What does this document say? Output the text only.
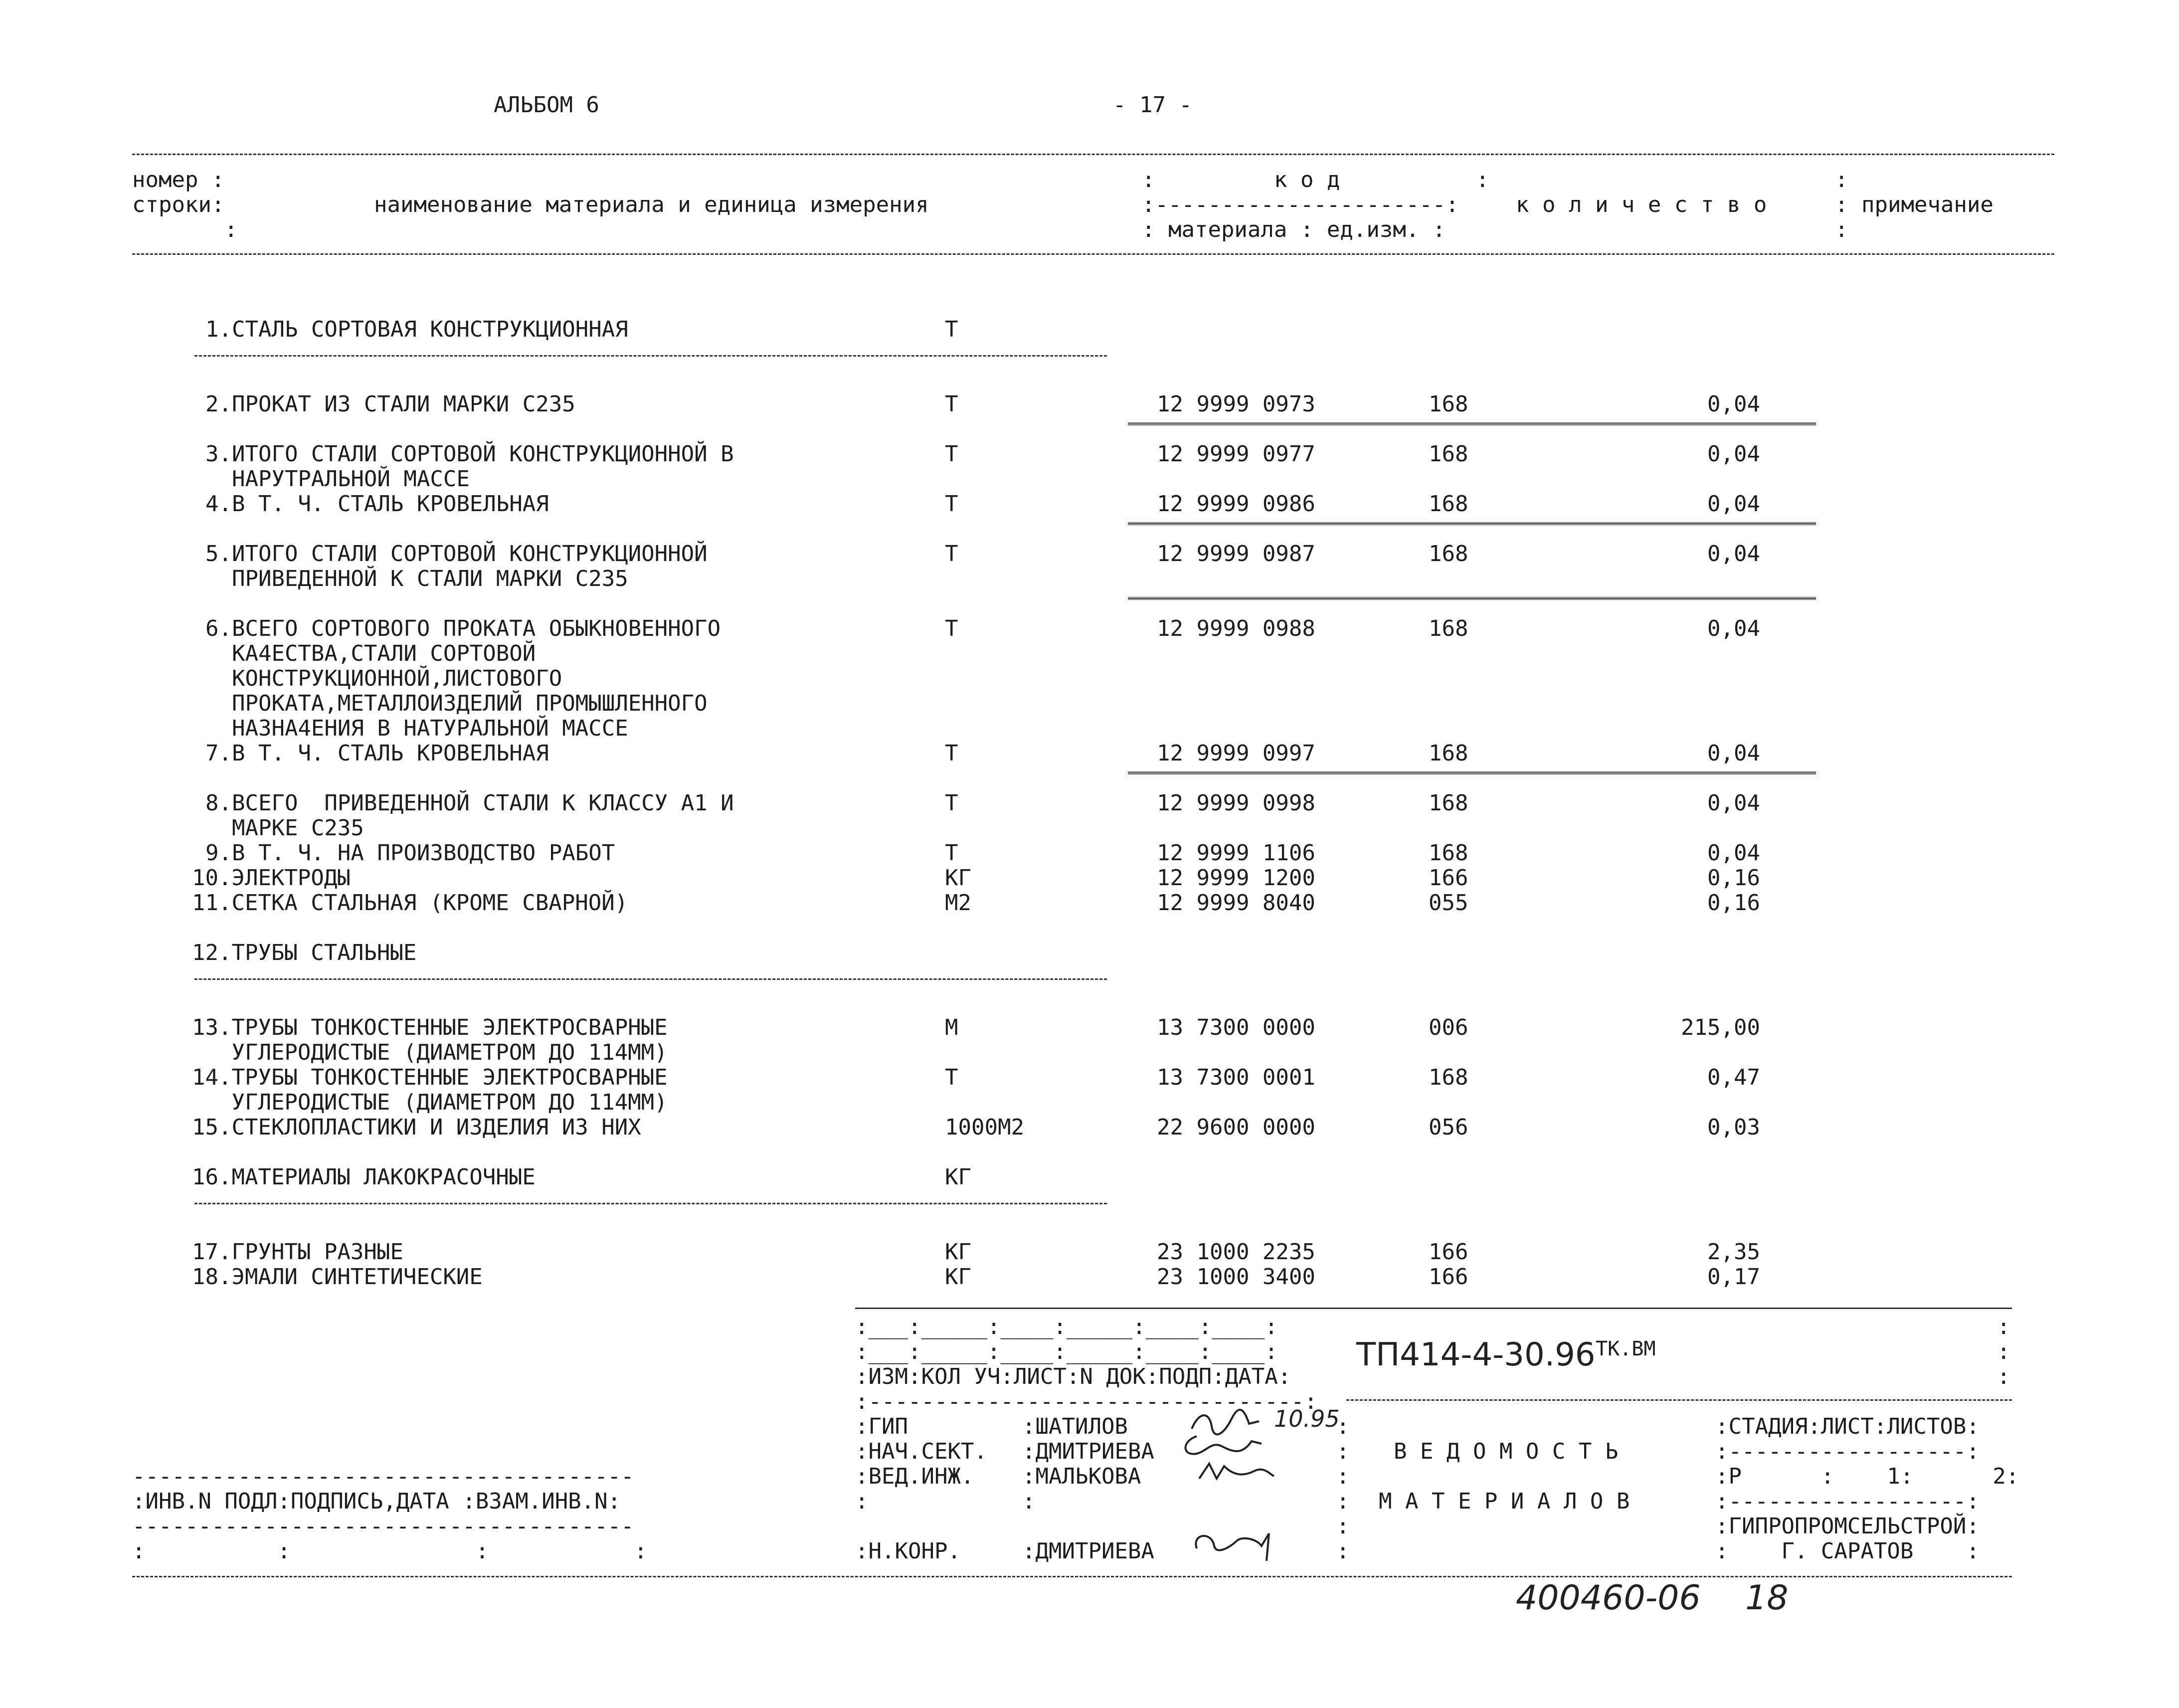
АЛЬБОМ 6	- 17 -
номер :
строки:
:
наименование материала и единица измерения
:	к о д	:
:----------------------:
: материала : ед.изм. :
к о л и ч е с т в о
:
: примечание
:
1.СТАЛЬ СОРТОВАЯ КОНСТРУКЦИОННАЯ	Т
2.ПРОКАТ ИЗ СТАЛИ МАРКИ С235	Т	12 9999 0973	168	0,04
3.ИТОГО СТАЛИ СОРТОВОЙ КОНСТРУКЦИОННОЙ В
НАРУТРАЛЬНОЙ МАССЕ
Т	12 9999 0977	168	0,04
4.В Т. Ч. СТАЛЬ КРОВЕЛЬНАЯ	Т	12 9999 0986	168	0,04
5.ИТОГО СТАЛИ СОРТОВОЙ КОНСТРУКЦИОННОЙ
ПРИВЕДЕННОЙ К СТАЛИ МАРКИ С235
Т	12 9999 0987	168	0,04
6.ВСЕГО СОРТОВОГО ПРОКАТА ОБЫКНОВЕННОГО
КА4ЕСТВА,СТАЛИ СОРТОВОЙ
КОНСТРУКЦИОННОЙ,ЛИСТОВОГО
ПРОКАТА,МЕТАЛЛОИЗДЕЛИЙ ПРОМЫШЛЕННОГО
НАЗНА4ЕНИЯ В НАТУРАЛЬНОЙ МАССЕ
Т	12 9999 0988	168	0,04
7.В Т. Ч. СТАЛЬ КРОВЕЛЬНАЯ	Т	12 9999 0997	168	0,04
8.ВСЕГО  ПРИВЕДЕННОЙ СТАЛИ К КЛАССУ А1 И
МАРКЕ С235
Т	12 9999 0998	168	0,04
9.В Т. Ч. НА ПРОИЗВОДСТВО РАБОТ	Т	12 9999 1106	168	0,04
10.ЭЛЕКТРОДЫ	КГ	12 9999 1200	166	0,16
11.СЕТКА СТАЛЬНАЯ (КРОМЕ СВАРНОЙ)	М2	12 9999 8040	055	0,16
12.ТРУБЫ СТАЛЬНЫЕ
13.ТРУБЫ ТОНКОСТЕННЫЕ ЭЛЕКТРОСВАРНЫЕ
УГЛЕРОДИСТЫЕ (ДИАМЕТРОМ ДО 114ММ)
М	13 7300 0000	006	215,00
14.ТРУБЫ ТОНКОСТЕННЫЕ ЭЛЕКТРОСВАРНЫЕ
УГЛЕРОДИСТЫЕ (ДИАМЕТРОМ ДО 114ММ)
Т	13 7300 0001	168	0,47
15.СТЕКЛОПЛАСТИКИ И ИЗДЕЛИЯ ИЗ НИХ	1000М2	22 9600 0000	056	0,03
16.МАТЕРИАЛЫ ЛАКОКРАСОЧНЫЕ	КГ
17.ГРУНТЫ РАЗНЫЕ	КГ	23 1000 2235	166	2,35
18.ЭМАЛИ СИНТЕТИЧЕСКИЕ	КГ	23 1000 3400	166	0,17
:___:_____:____:_____:____:____:
:___:_____:____:_____:____:____:
:ИЗМ:КОЛ УЧ:ЛИСТ:N ДОК:ПОДП:ДАТА:
:---------------------------------:
ТП414-4-30.96 ТК.ВМ
:
:
:
:ГИП
:НАЧ.СЕКТ.
:ВЕД.ИНЖ.
:
:Н.КОНР.
:ШАТИЛОВ
:ДМИТРИЕВА
:МАЛЬКОВА
:
:ДМИТРИЕВА
10.95
:
:
:
:
:
:
В Е Д О М О С Т Ь
М А Т Е Р И А Л О В
:СТАДИЯ:ЛИСТ:ЛИСТОВ:
:------------------:
:Р      :    1:      2:
:------------------:
:ГИПРОПРОМСЕЛЬСТРОЙ:
:    Г. САРАТОВ    :
--------------------------------------
:ИНВ.N ПОДЛ:ПОДПИСЬ,ДАТА :ВЗАМ.ИНВ.N:
--------------------------------------
:          :              :           :
400460-06 18
